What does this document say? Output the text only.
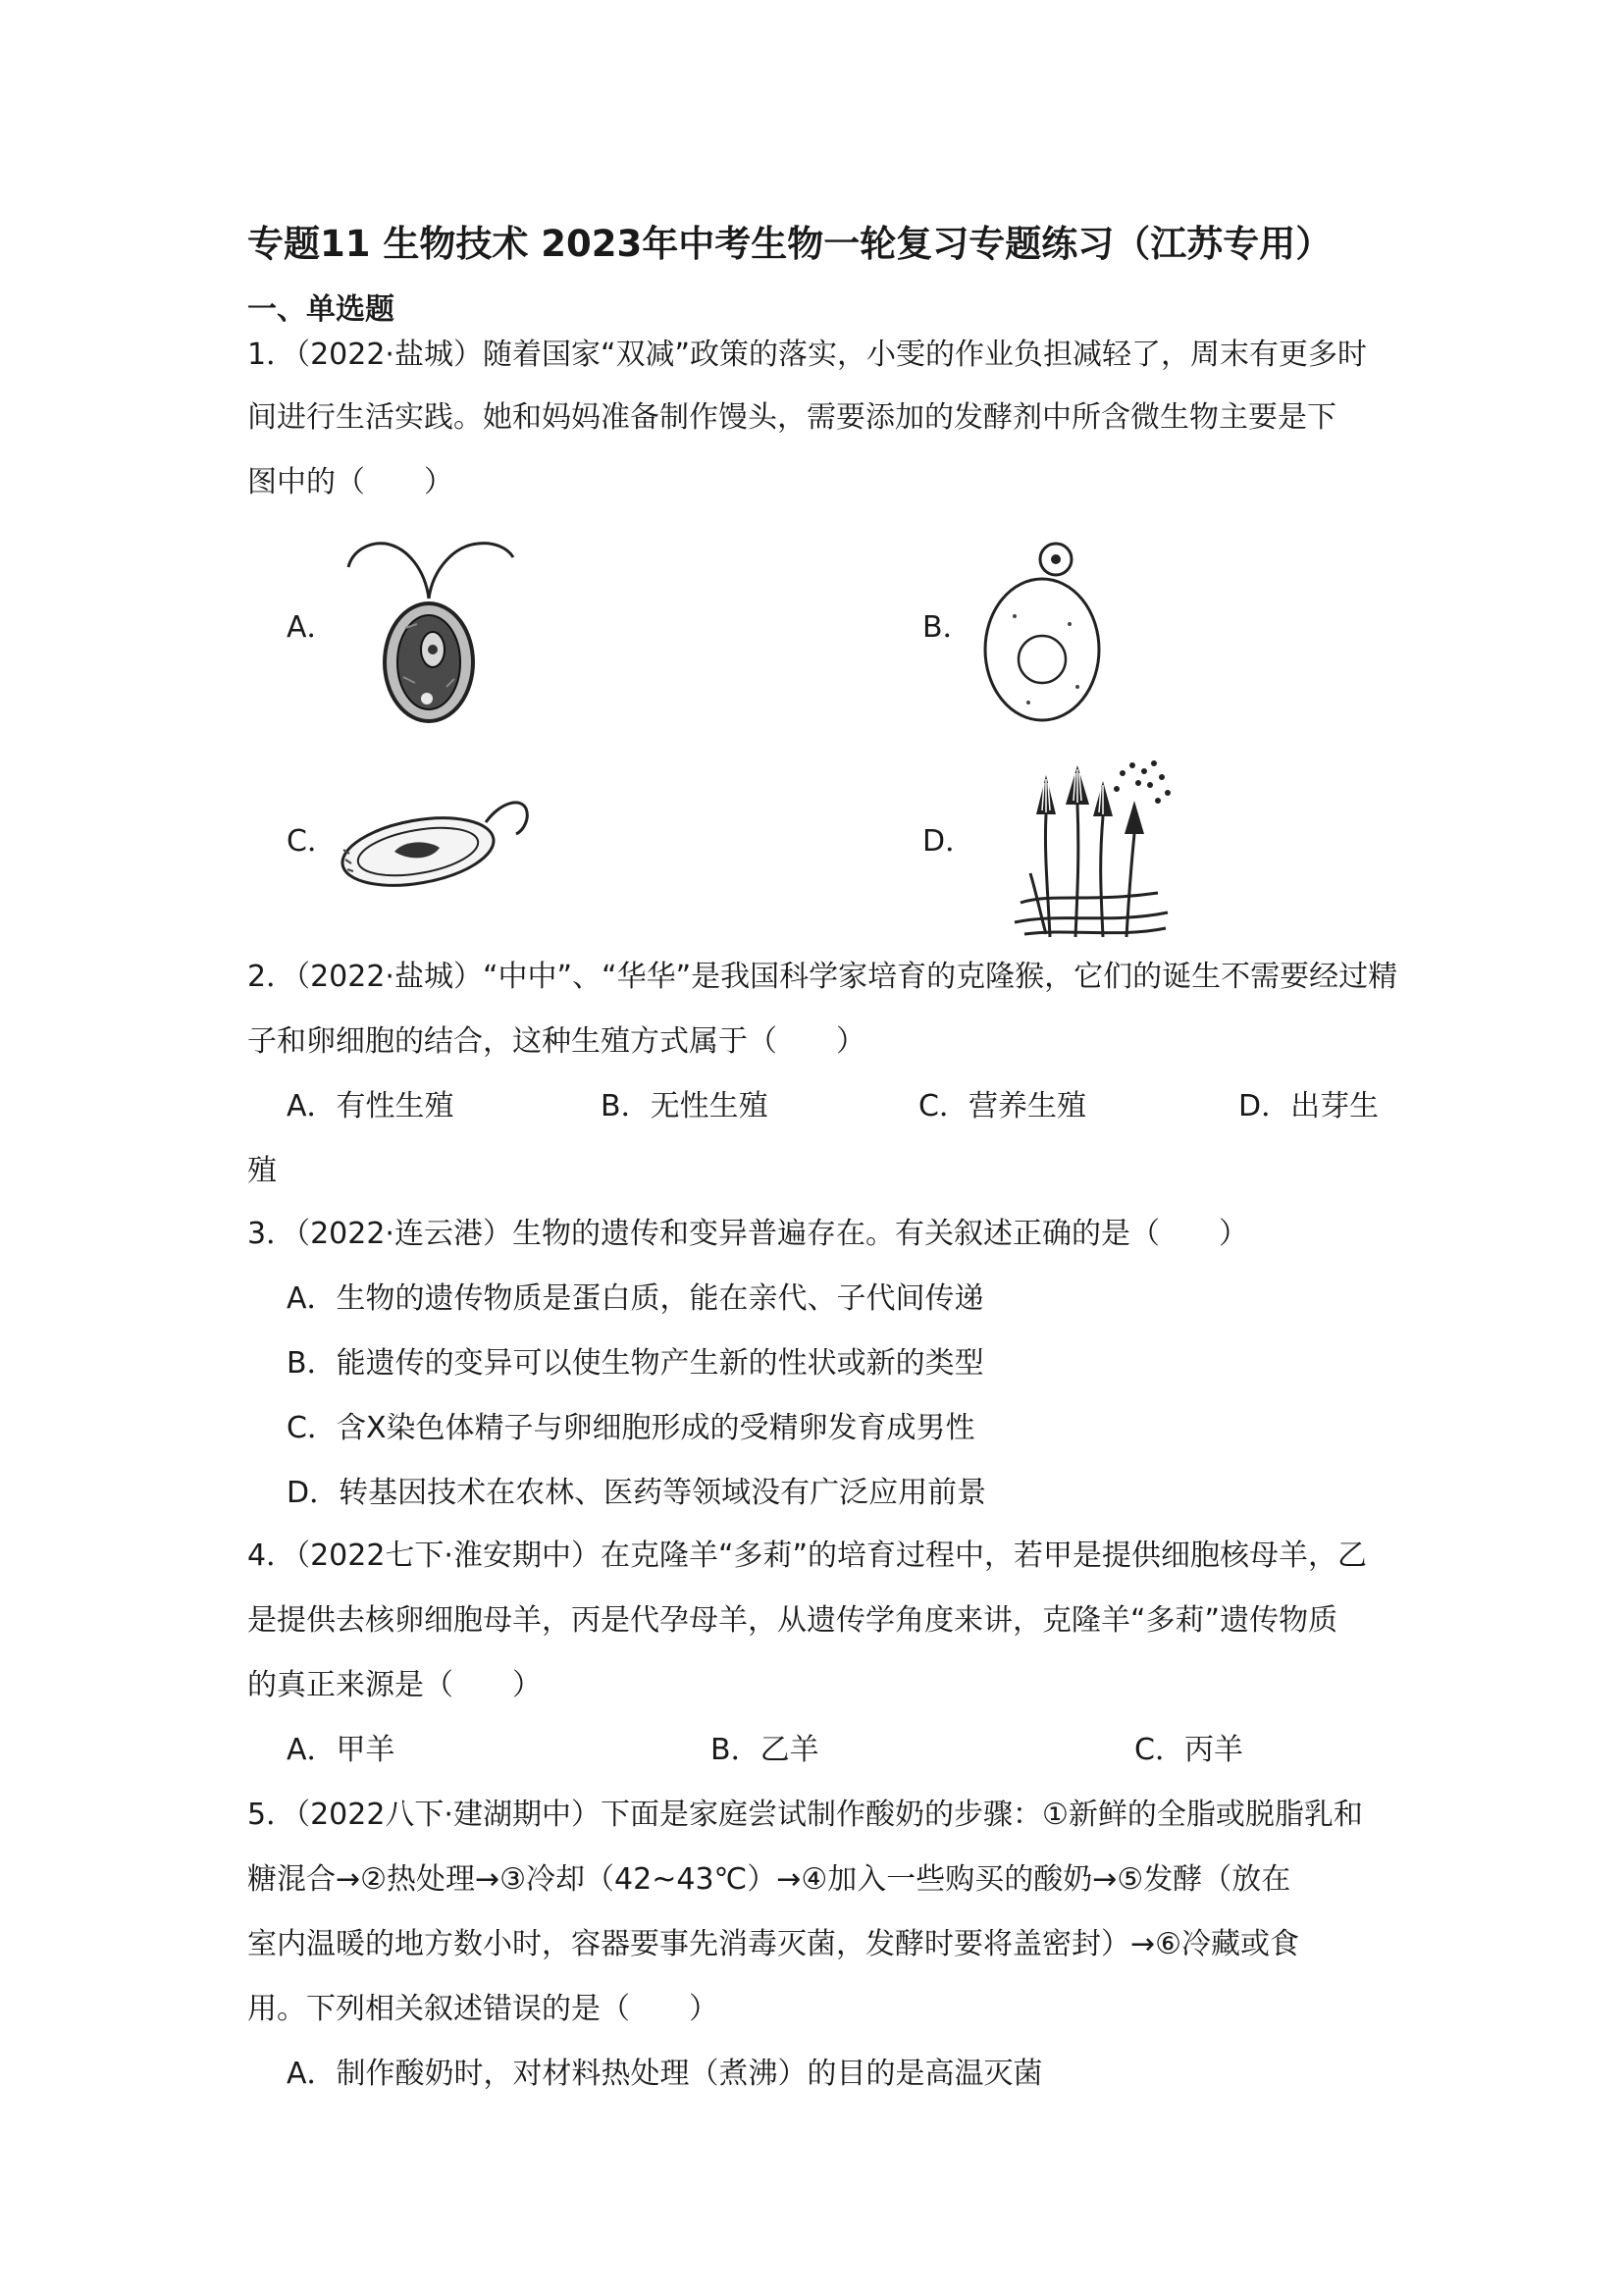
专题11 生物技术 2023年中考生物一轮复习专题练习（江苏专用）
一、单选题
1．（2022·盐城）随着国家“双减”政策的落实，小雯的作业负担减轻了，周末有更多时
间进行生活实践。她和妈妈准备制作馒头，需要添加的发酵剂中所含微生物主要是下
图中的（　　）
A．	B．
C．	D．
2．（2022·盐城）“中中”、“华华”是我国科学家培育的克隆猴，它们的诞生不需要经过精
子和卵细胞的结合，这种生殖方式属于（　　）
A．有性生殖	B．无性生殖	C．营养生殖	D．出芽生
殖
3．（2022·连云港）生物的遗传和变异普遍存在。有关叙述正确的是（　　）
A．生物的遗传物质是蛋白质，能在亲代、子代间传递
B．能遗传的变异可以使生物产生新的性状或新的类型
C．含X染色体精子与卵细胞形成的受精卵发育成男性
D．转基因技术在农林、医药等领域没有广泛应用前景
4．（2022七下·淮安期中）在克隆羊“多莉”的培育过程中，若甲是提供细胞核母羊，乙
是提供去核卵细胞母羊，丙是代孕母羊，从遗传学角度来讲，克隆羊“多莉”遗传物质
的真正来源是（　　）
A．甲羊	B．乙羊	C．丙羊
5．（2022八下·建湖期中）下面是家庭尝试制作酸奶的步骤：①新鲜的全脂或脱脂乳和
糖混合→②热处理→③冷却（42~43℃）→④加入一些购买的酸奶→⑤发酵（放在
室内温暖的地方数小时，容器要事先消毒灭菌，发酵时要将盖密封）→⑥冷藏或食
用。下列相关叙述错误的是（　　）
A．制作酸奶时，对材料热处理（煮沸）的目的是高温灭菌
